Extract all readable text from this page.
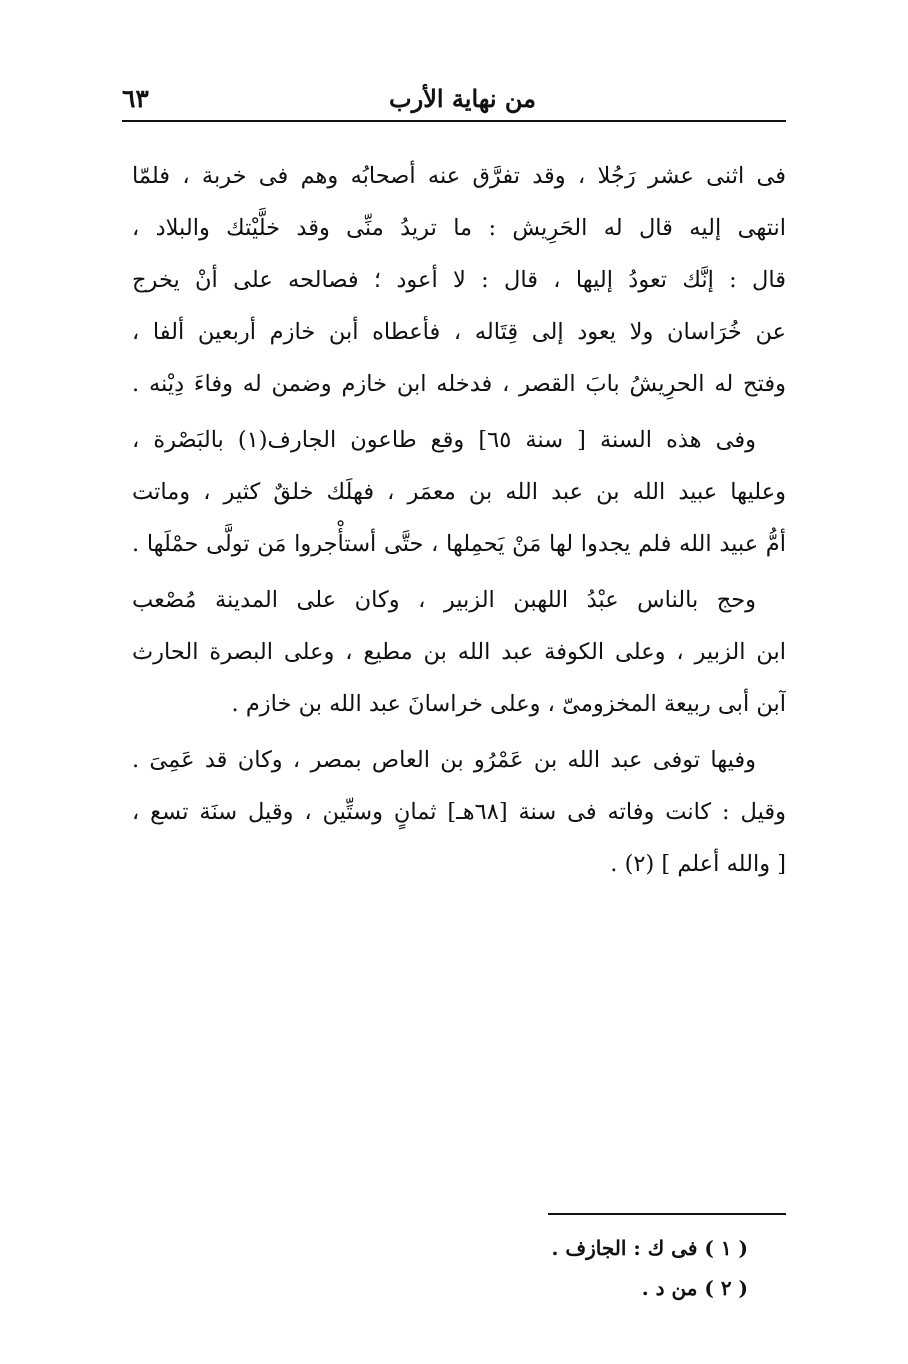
من نهاية الأرب
٦٣
فى اثنى عشر رَجُلا ، وقد تفرَّق عنه أصحابُه وهم فى خربة ، فلمّا
انتهى إليه قال له الحَرِيش : ما تريدُ منِّى وقد خلَّيْتك والبلاد ،
قال : إنَّك تعودُ إليها ، قال : لا أعود ؛ فصالحه على أنْ يخرج
عن خُرَاسان ولا يعود إلى قِتَاله ، فأعطاه أبن خازم أربعين ألفا ،
وفتح له الحرِيشُ بابَ القصر ، فدخله ابن خازم وضمن له وفاءَ دِيْنه .
وفى هذه السنة [ سنة ٦٥] وقع طاعون الجارف(١) بالبَصْرة ،
وعليها عبيد الله بن عبد الله بن معمَر ، فهلَك خلقٌ كثير ، وماتت
أمُّ عبيد الله فلم يجدوا لها مَنْ يَحمِلها ، حتَّى أستأْجروا مَن تولَّى حمْلَها .
وحج بالناس عبْدُ اللهبن الزبير ، وكان على المدينة مُصْعب
ابن الزبير ، وعلى الكوفة عبد الله بن مطيع ، وعلى البصرة الحارث
آبن أبى ربيعة المخزومىّ ، وعلى خراسانَ عبد الله بن خازم .
وفيها توفى عبد الله بن عَمْرُو بن العاص بمصر ، وكان قد عَمِىَ .
وقيل : كانت وفاته فى سنة [٦٨هـ] ثمانٍ وستِّين ، وقيل سنَة تسع ،
[ والله أعلم ] (٢) .
( ١ ) فى ك : الجازف .
( ٢ ) من د .
